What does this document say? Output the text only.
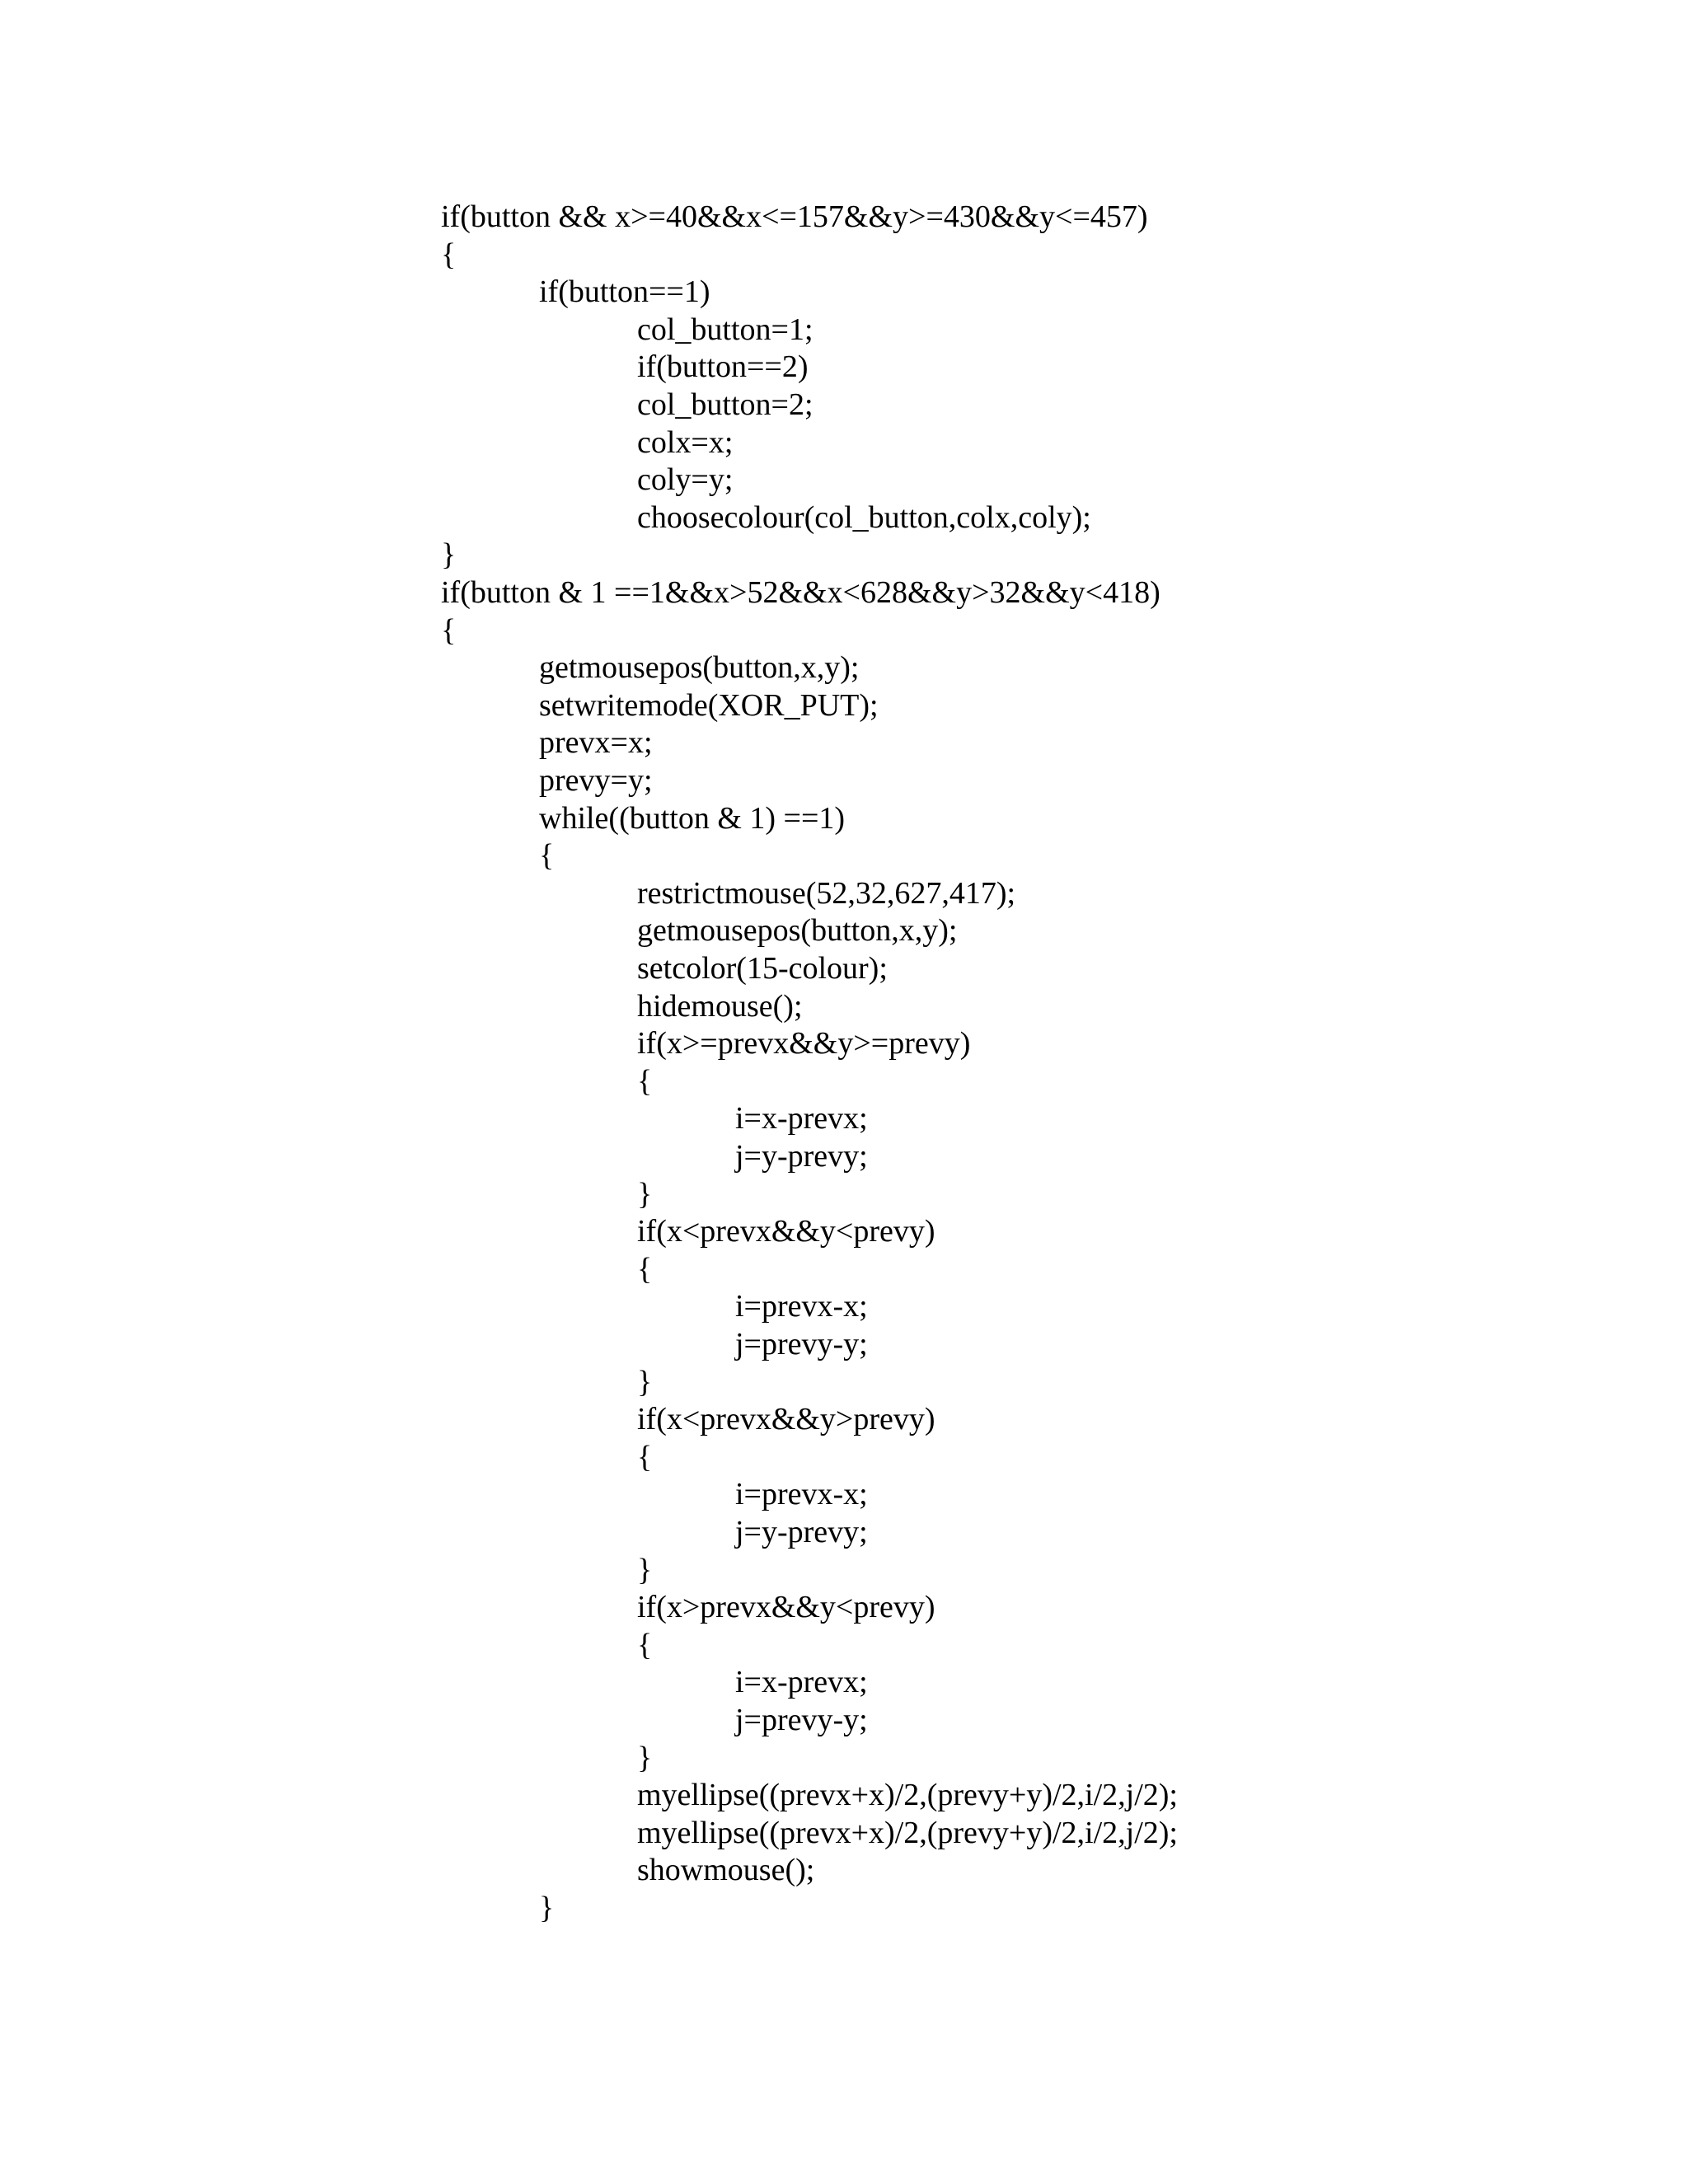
if(button && x>=40&&x<=157&&y>=430&&y<=457)
{
if(button==1)
col_button=1;
if(button==2)
col_button=2;
colx=x;
coly=y;
choosecolour(col_button,colx,coly);
}
if(button & 1 ==1&&x>52&&x<628&&y>32&&y<418)
{
getmousepos(button,x,y);
setwritemode(XOR_PUT);
prevx=x;
prevy=y;
while((button & 1) ==1)
{
restrictmouse(52,32,627,417);
getmousepos(button,x,y);
setcolor(15-colour);
hidemouse();
if(x>=prevx&&y>=prevy)
{
i=x-prevx;
j=y-prevy;
}
if(x<prevx&&y<prevy)
{
i=prevx-x;
j=prevy-y;
}
if(x<prevx&&y>prevy)
{
i=prevx-x;
j=y-prevy;
}
if(x>prevx&&y<prevy)
{
i=x-prevx;
j=prevy-y;
}
myellipse((prevx+x)/2,(prevy+y)/2,i/2,j/2);
myellipse((prevx+x)/2,(prevy+y)/2,i/2,j/2);
showmouse();
}
